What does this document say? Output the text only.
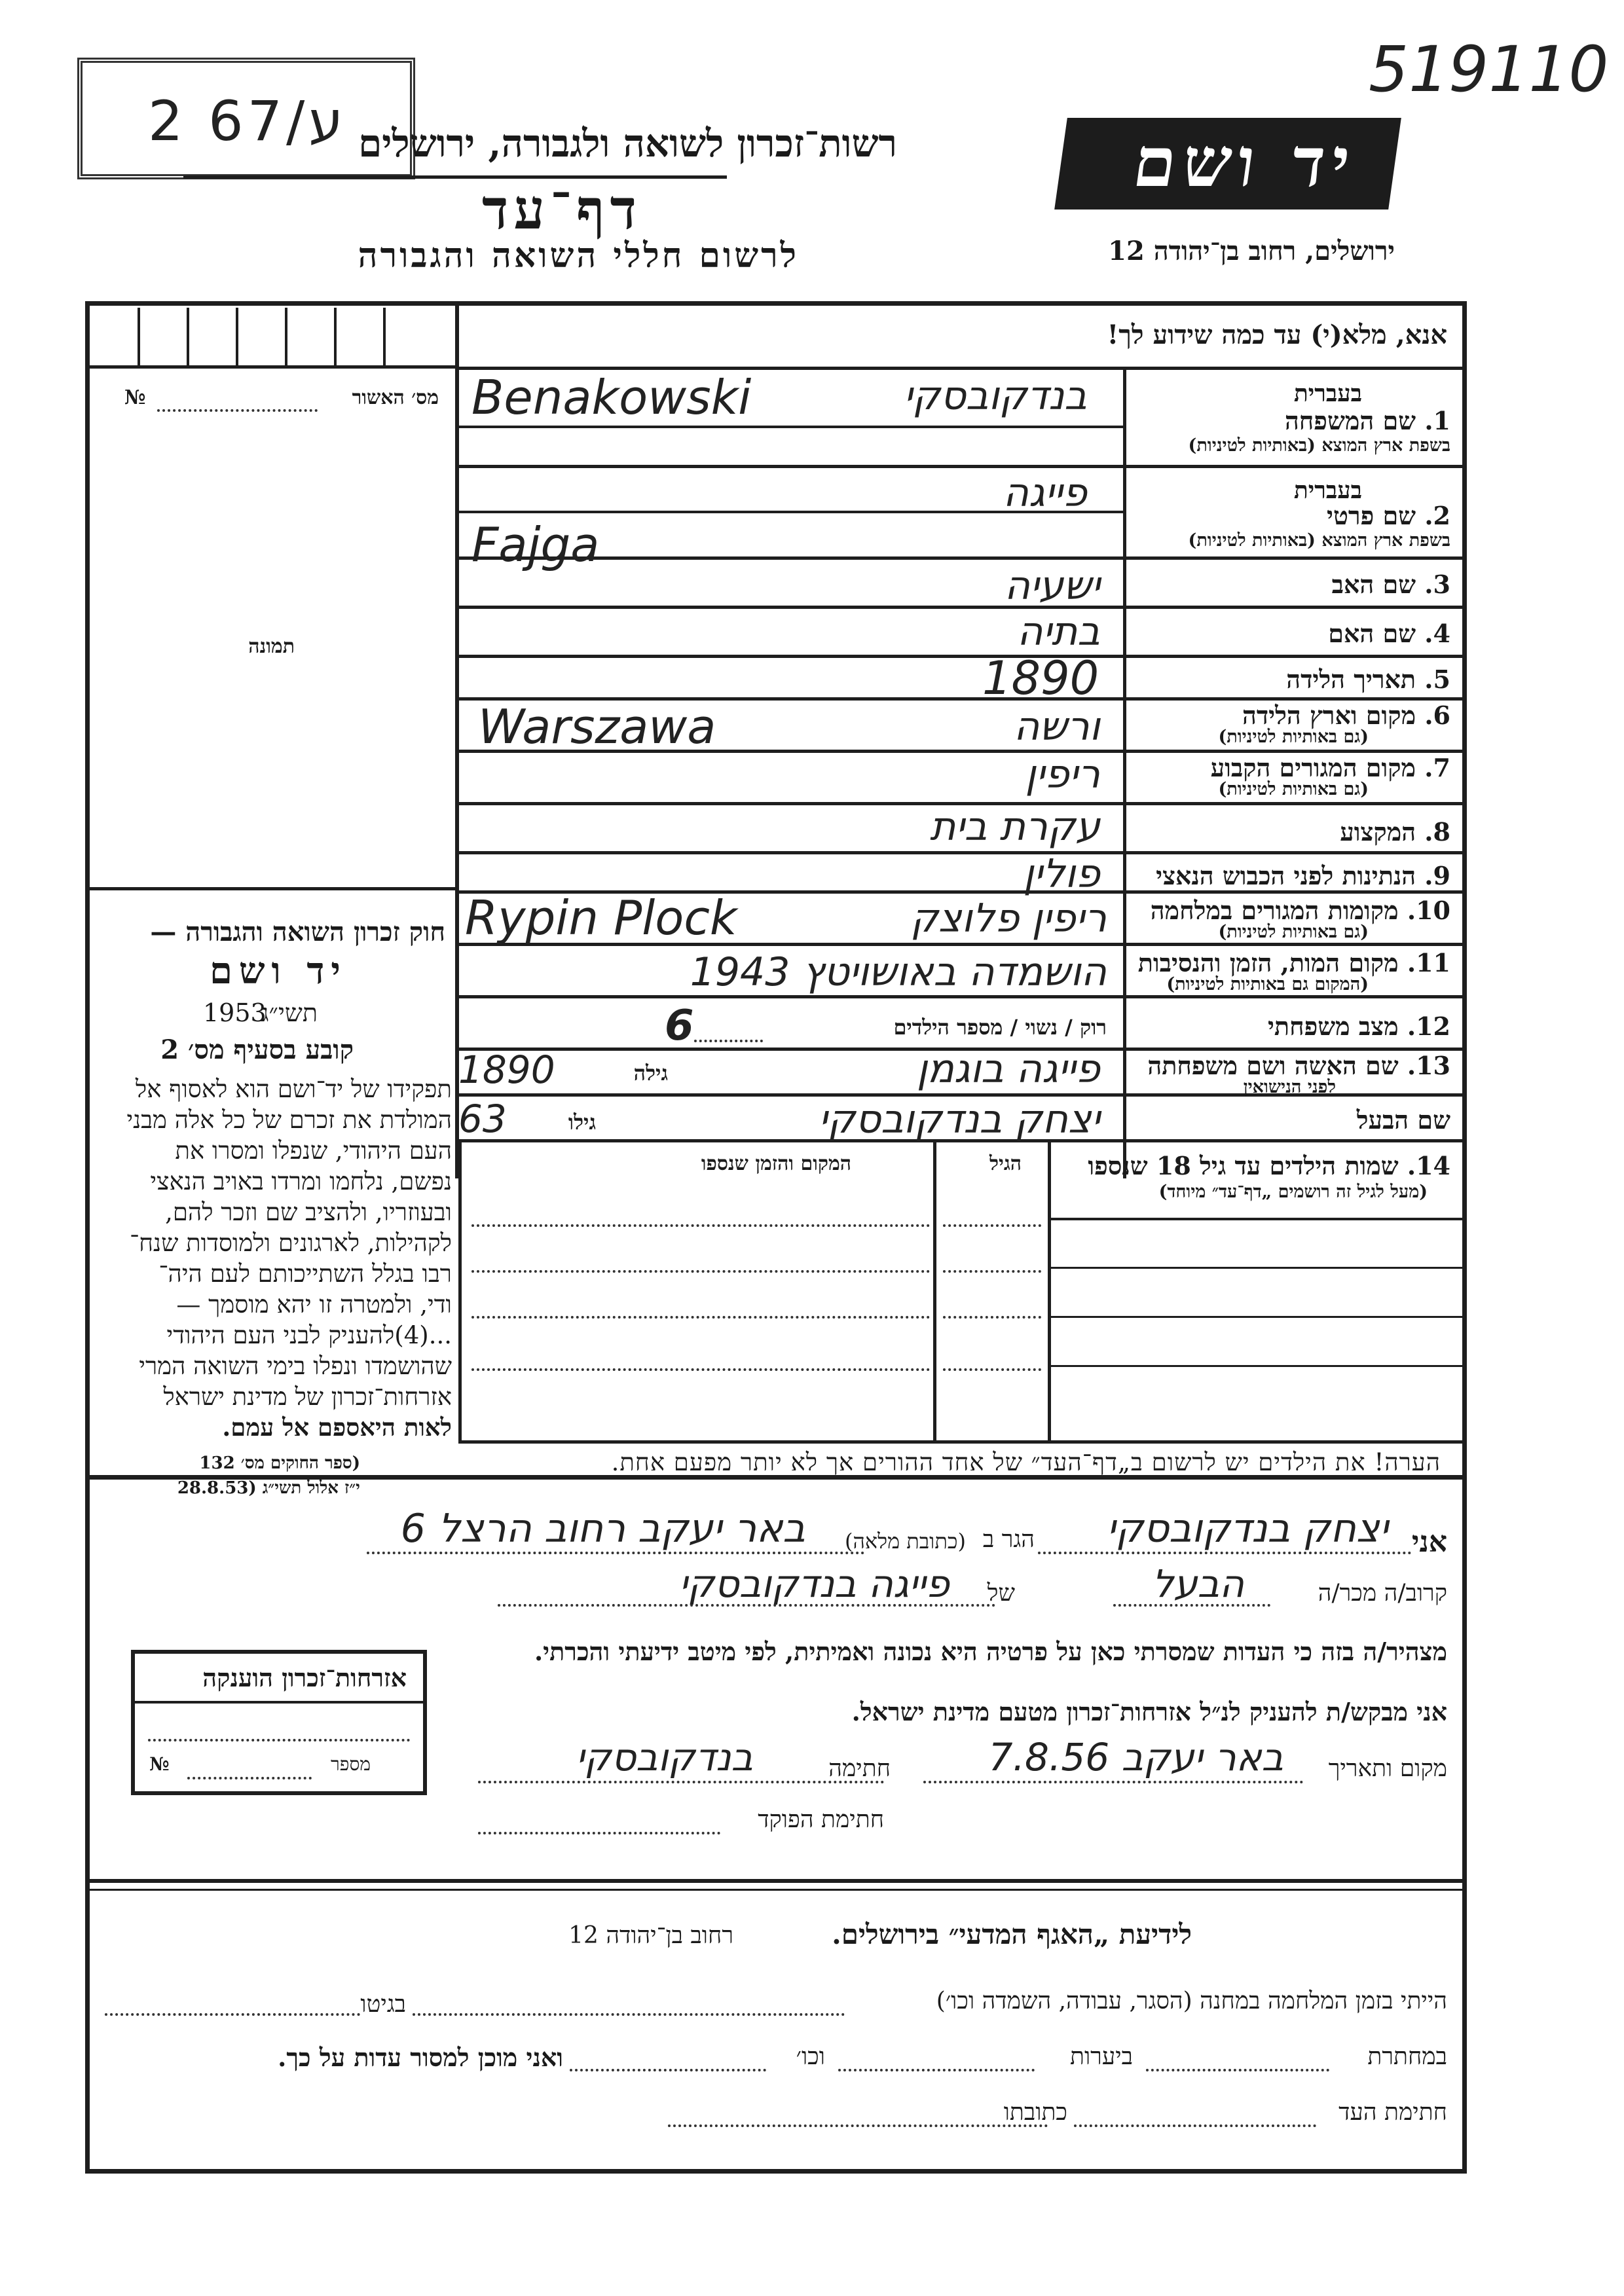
2 67/ע
519110
רשות־זכרון לשואה ולגבורה, ירושלים
דף־עד
לרשום חללי השואה והגבורה
יד ושם
ירושלים, רחוב בן־יהודה 12
מס׳ האשור
№
תמונה
חוק זכרון השואה והגבורה —
יד ושם
תשי״ג
1953
קובע בסעיף מס׳ 2
תפקידו של יד־ושם הוא לאסוף אל
המולדת את זכרם של כל אלה מבני
העם היהודי, שנפלו ומסרו את
נפשם, נלחמו ומרדו באויב הנאצי
ובעוזריו, ולהציב שם וזכר להם,
לקהילות, לארגונים ולמוסדות שנח־
רבו בגלל השתייכותם לעם היה־
ודי, ולמטרה זו יהא מוסמך —
...(4)להעניק לבני העם היהודי
שהושמדו ונפלו בימי השואה המרי
אזרחות־זכרון של מדינת ישראל
לאות היאספם אל עמם.
(ספר החוקים מס׳ 132
י״ז אלול תשי״ג (28.8.53
אנא, מלא(י) עד כמה שידוע לך!
בעברית
1. שם המשפחה
בשפת ארץ המוצא (באותיות לטיניות)
בנדקובסקי
Benakowski
בעברית
2. שם פרטי
בשפת ארץ המוצא (באותיות לטיניות)
פייגה
Fajga
3. שם האב
ישעיה
4. שם האם
בתיה
5. תאריך הלידה
1890
6. מקום וארץ הלידה
(גם באותיות לטיניות)
ורשה
Warszawa
7. מקום המגורים הקבוע
(גם באותיות לטיניות)
ריפין
8. המקצוע
עקרת בית
9. הנתינות לפני הכבוש הנאצי
פולין
10. מקומות המגורים במלחמה
(גם באותיות לטיניות)
ריפין פלוצק
Rypin Plock
11. מקום המות, הזמן והנסיבות
(המקום גם באותיות לטיניות)
הושמדה באושויטץ 1943
12. מצב משפחתי
רוק / נשוי / מספר הילדים
6
13. שם האשה ושם משפחתה
לפני הנישואין
פייגה בוגמן
גילה
1890
שם הבעל
יצחק בנדקובסקי
גילו
63
14. שמות הילדים עד גיל 18 שנספו
(מעל לגיל זה רושמים „דף־עד״ מיוחד)
הגיל
המקום והזמן שנספו
הערה! את הילדים יש לרשום ב„דף־העד״ של אחד ההורים אך לא יותר מפעם אחת.
אני
יצחק בנדקובסקי
הגר ב
(כתובת מלאה)
באר יעקב רחוב הרצל 6
קרוב/ה מכר/ה
הבעל
של
פייגה בנדקובסקי
מצהיר/ה בזה כי העדות שמסרתי כאן על פרטיה היא נכונה ואמיתית, לפי מיטב ידיעתי והכרתי.
אני מבקש/ת להעניק לנ״ל אזרחות־זכרון מטעם מדינת ישראל.
מקום ותאריך
באר יעקב 7.8.56
חתימה
בנדקובסקי
חתימת הפוקד
אזרחות־זכרון הוענקה
מספר
№
לידיעת „האגף המדעי״ בירושלים.
רחוב בן־יהודה 12
הייתי בזמן המלחמה במחנה (הסגר, עבודה, השמדה וכו׳)
בגיטו
במחתרת
ביערות
וכו׳
ואני מוכן למסור עדות על כך.
חתימת העד
כתובתו
